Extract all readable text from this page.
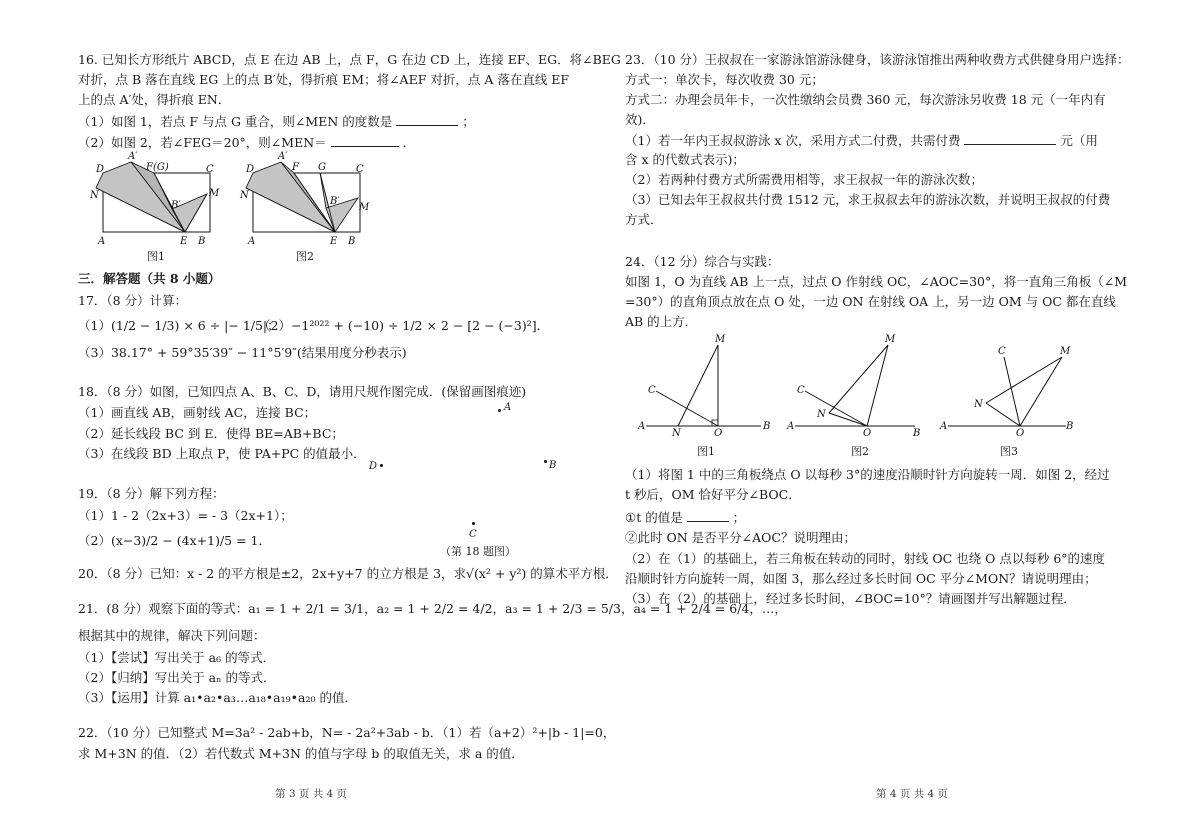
16. 已知长方形纸片 ABCD，点 E 在边 AB 上，点 F，G 在边 CD 上，连接 EF、EG．将∠BEG
对折，点 B 落在直线 EG 上的点 B′处，得折痕 EM；将∠AEF 对折，点 A 落在直线 EF
上的点 A′处，得折痕 EN．
（1）如图 1，若点 F 与点 G 重合，则∠MEN 的度数是	；
（2）如图 2，若∠FEG＝20°，则∠MEN＝	．
D
A′
F(G)	C
N	M
B′
A	E B
图1
D
A′
F G	C
N
M
B′
A	E B
图2
三．解答题（共 8 小题）
17．（8 分）计算：
（1）(1/2 − 1/3) × 6 ÷ |− 1/5|；
（2）−1²⁰²² + (−10) ÷ 1/2 × 2 − [2 − (−3)²]．
（3）38.17° + 59°35′39″ − 11°5′9″(结果用度分秒表示)
18．（8 分）如图，已知四点 A、B、C、D，请用尺规作图完成．(保留画图痕迹)
（1）画直线 AB，画射线 AC，连接 BC；
（2）延长线段 BC 到 E．使得 BE=AB+BC；
（3）在线段 BD 上取点 P，使 PA+PC 的值最小．
A
D	B
C
（第 18 题图）
19．（8 分）解下列方程：
（1）1 - 2（2x+3）= - 3（2x+1）；
（2）(x−3)/2 − (4x+1)/5 = 1．
20．（8 分）已知：x - 2 的平方根是±2，2x+y+7 的立方根是 3，求√(x² + y²) 的算术平方根．
21．(8 分）观察下面的等式：a₁ = 1 + 2/1 = 3/1，a₂ = 1 + 2/2 = 4/2，a₃ = 1 + 2/3 = 5/3，a₄ = 1 + 2/4 = 6/4，…，
根据其中的规律，解决下列问题：
（1）【尝试】写出关于 a₆ 的等式．
（2）【归纳】写出关于 aₙ 的等式．
（3）【运用】计算 a₁•a₂•a₃…a₁₈•a₁₉•a₂₀ 的值．
22．（10 分）已知整式 M=3a² - 2ab+b，N= - 2a²+3ab - b．（1）若（a+2）²+|b - 1|=0，
求 M+3N 的值．（2）若代数式 M+3N 的值与字母 b 的取值无关，求 a 的值．
第 3 页 共 4 页
23．（10 分）王叔叔在一家游泳馆游泳健身，该游泳馆推出两种收费方式供健身用户选择：
方式一：单次卡，每次收费 30 元；
方式二：办理会员年卡，一次性缴纳会员费 360 元，每次游泳另收费 18 元（一年内有
效)．
（1）若一年内王叔叔游泳 x 次，采用方式二付费，共需付费	元（用
含 x 的代数式表示)；
（2）若两种付费方式所需费用相等，求王叔叔一年的游泳次数；
（3）已知去年王叔叔共付费 1512 元，求王叔叔去年的游泳次数，并说明王叔叔的付费
方式．
24．（12 分）综合与实践：
如图 1，O 为直线 AB 上一点，过点 O 作射线 OC，∠AOC=30°，将一直角三角板（∠M
=30°）的直角顶点放在点 O 处，一边 ON 在射线 OA 上，另一边 OM 与 OC 都在直线
AB 的上方．
M
C
A
N	O
B
图1
M
C
N
A
O	B
图2
C	M
N
A
O
B
图3
（1）将图 1 中的三角板绕点 O 以每秒 3°的速度沿顺时针方向旋转一周．如图 2，经过
t 秒后，OM 恰好平分∠BOC．
①t 的值是	；
②此时 ON 是否平分∠AOC？说明理由；
（2）在（1）的基础上，若三角板在转动的同时，射线 OC 也绕 O 点以每秒 6°的速度
沿顺时针方向旋转一周，如图 3，那么经过多长时间 OC 平分∠MON？请说明理由；
（3）在（2）的基础上，经过多长时间，∠BOC=10°？请画图并写出解题过程．
第 4 页 共 4 页
